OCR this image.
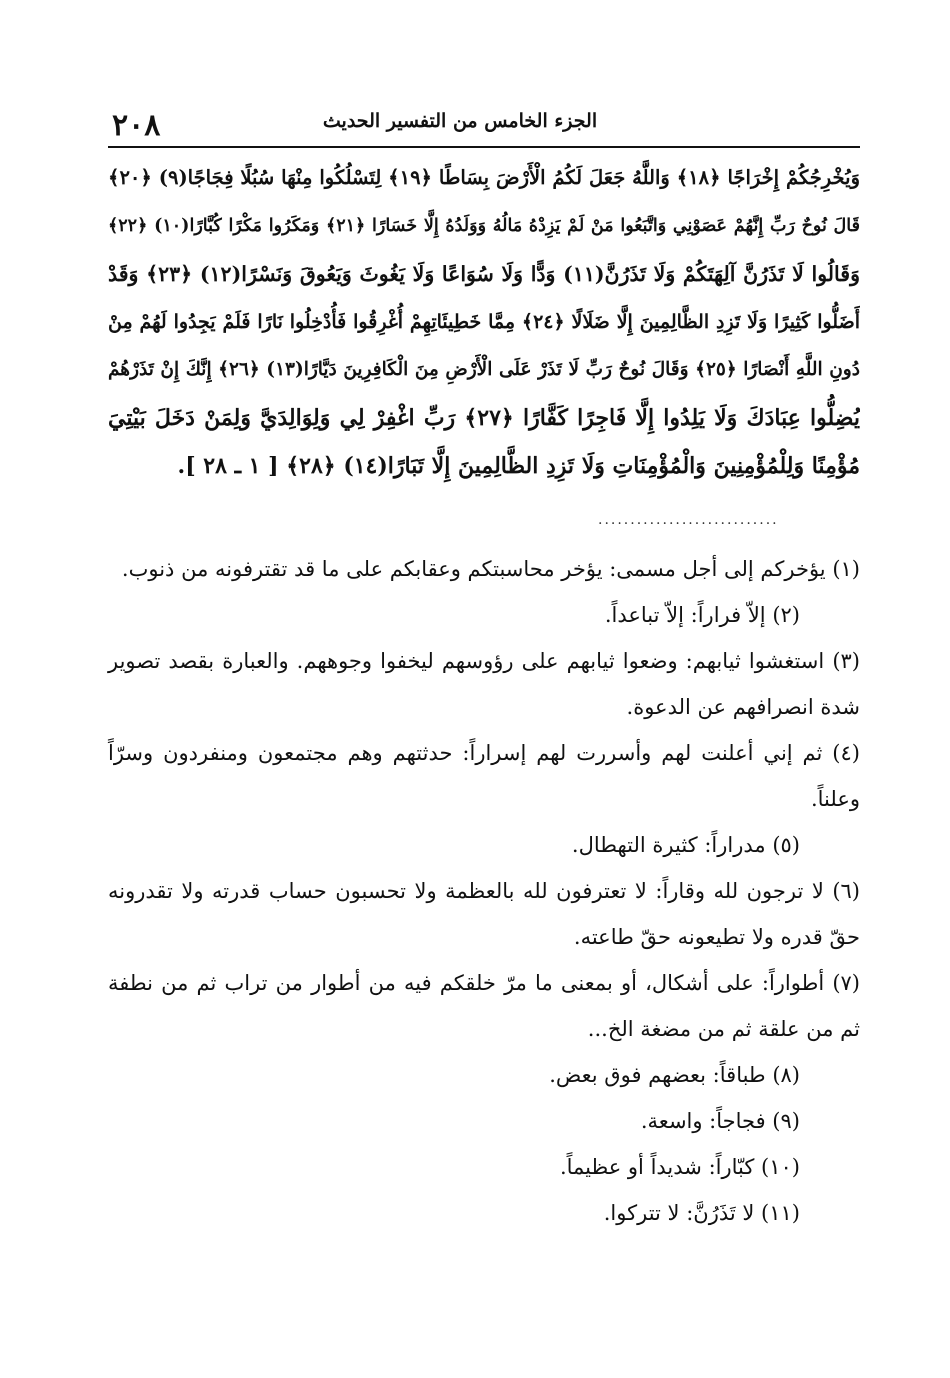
٢٠٨	الجزء الخامس من التفسير الحديث
وَيُخْرِجُكُمْ إِخْرَاجًا ﴿١٨﴾ وَاللَّهُ جَعَلَ لَكُمُ الْأَرْضَ بِسَاطًا ﴿١٩﴾ لِتَسْلُكُوا مِنْهَا سُبُلًا فِجَاجًا(٩) ﴿٢٠﴾
قَالَ نُوحٌ رَبِّ إِنَّهُمْ عَصَوْنِي وَاتَّبَعُوا مَنْ لَمْ يَزِدْهُ مَالُهُ وَوَلَدُهُ إِلَّا خَسَارًا ﴿٢١﴾ وَمَكَرُوا مَكْرًا كُبَّارًا(١٠) ﴿٢٢﴾
وَقَالُوا لَا تَذَرُنَّ آلِهَتَكُمْ وَلَا تَذَرُنَّ(١١) وَدًّا وَلَا سُوَاعًا وَلَا يَغُوثَ وَيَعُوقَ وَنَسْرًا(١٢) ﴿٢٣﴾ وَقَدْ
أَضَلُّوا كَثِيرًا وَلَا تَزِدِ الظَّالِمِينَ إِلَّا ضَلَالًا ﴿٢٤﴾ مِمَّا خَطِيئَاتِهِمْ أُغْرِقُوا فَأُدْخِلُوا نَارًا فَلَمْ يَجِدُوا لَهُمْ مِنْ
دُونِ اللَّهِ أَنْصَارًا ﴿٢٥﴾ وَقَالَ نُوحٌ رَبِّ لَا تَذَرْ عَلَى الْأَرْضِ مِنَ الْكَافِرِينَ دَيَّارًا(١٣) ﴿٢٦﴾ إِنَّكَ إِنْ تَذَرْهُمْ
يُضِلُّوا عِبَادَكَ وَلَا يَلِدُوا إِلَّا فَاجِرًا كَفَّارًا ﴿٢٧﴾ رَبِّ اغْفِرْ لِي وَلِوَالِدَيَّ وَلِمَنْ دَخَلَ بَيْتِيَ
مُؤْمِنًا وَلِلْمُؤْمِنِينَ وَالْمُؤْمِنَاتِ وَلَا تَزِدِ الظَّالِمِينَ إِلَّا تَبَارًا(١٤) ﴿٢٨﴾ [ ١ ـ ٢٨ ].
............................
(١) يؤخركم إلى أجل مسمى: يؤخر محاسبتكم وعقابكم على ما قد تقترفونه من ذنوب.
(٢) إلاّ فراراً: إلاّ تباعداً.
(٣) استغشوا ثيابهم: وضعوا ثيابهم على رؤوسهم ليخفوا وجوههم. والعبارة بقصد تصوير شدة انصرافهم عن الدعوة.
(٤) ثم إني أعلنت لهم وأسررت لهم إسراراً: حدثتهم وهم مجتمعون ومنفردون وسرّاً وعلناً.
(٥) مدراراً: كثيرة التهطال.
(٦) لا ترجون لله وقاراً: لا تعترفون لله بالعظمة ولا تحسبون حساب قدرته ولا تقدرونه حقّ قدره ولا تطيعونه حقّ طاعته.
(٧) أطواراً: على أشكال، أو بمعنى ما مرّ خلقكم فيه من أطوار من تراب ثم من نطفة ثم من علقة ثم من مضغة الخ...
(٨) طباقاً: بعضهم فوق بعض.
(٩) فجاجاً: واسعة.
(١٠) كبّاراً: شديداً أو عظيماً.
(١١) لا تَذَرُنَّ: لا تتركوا.
